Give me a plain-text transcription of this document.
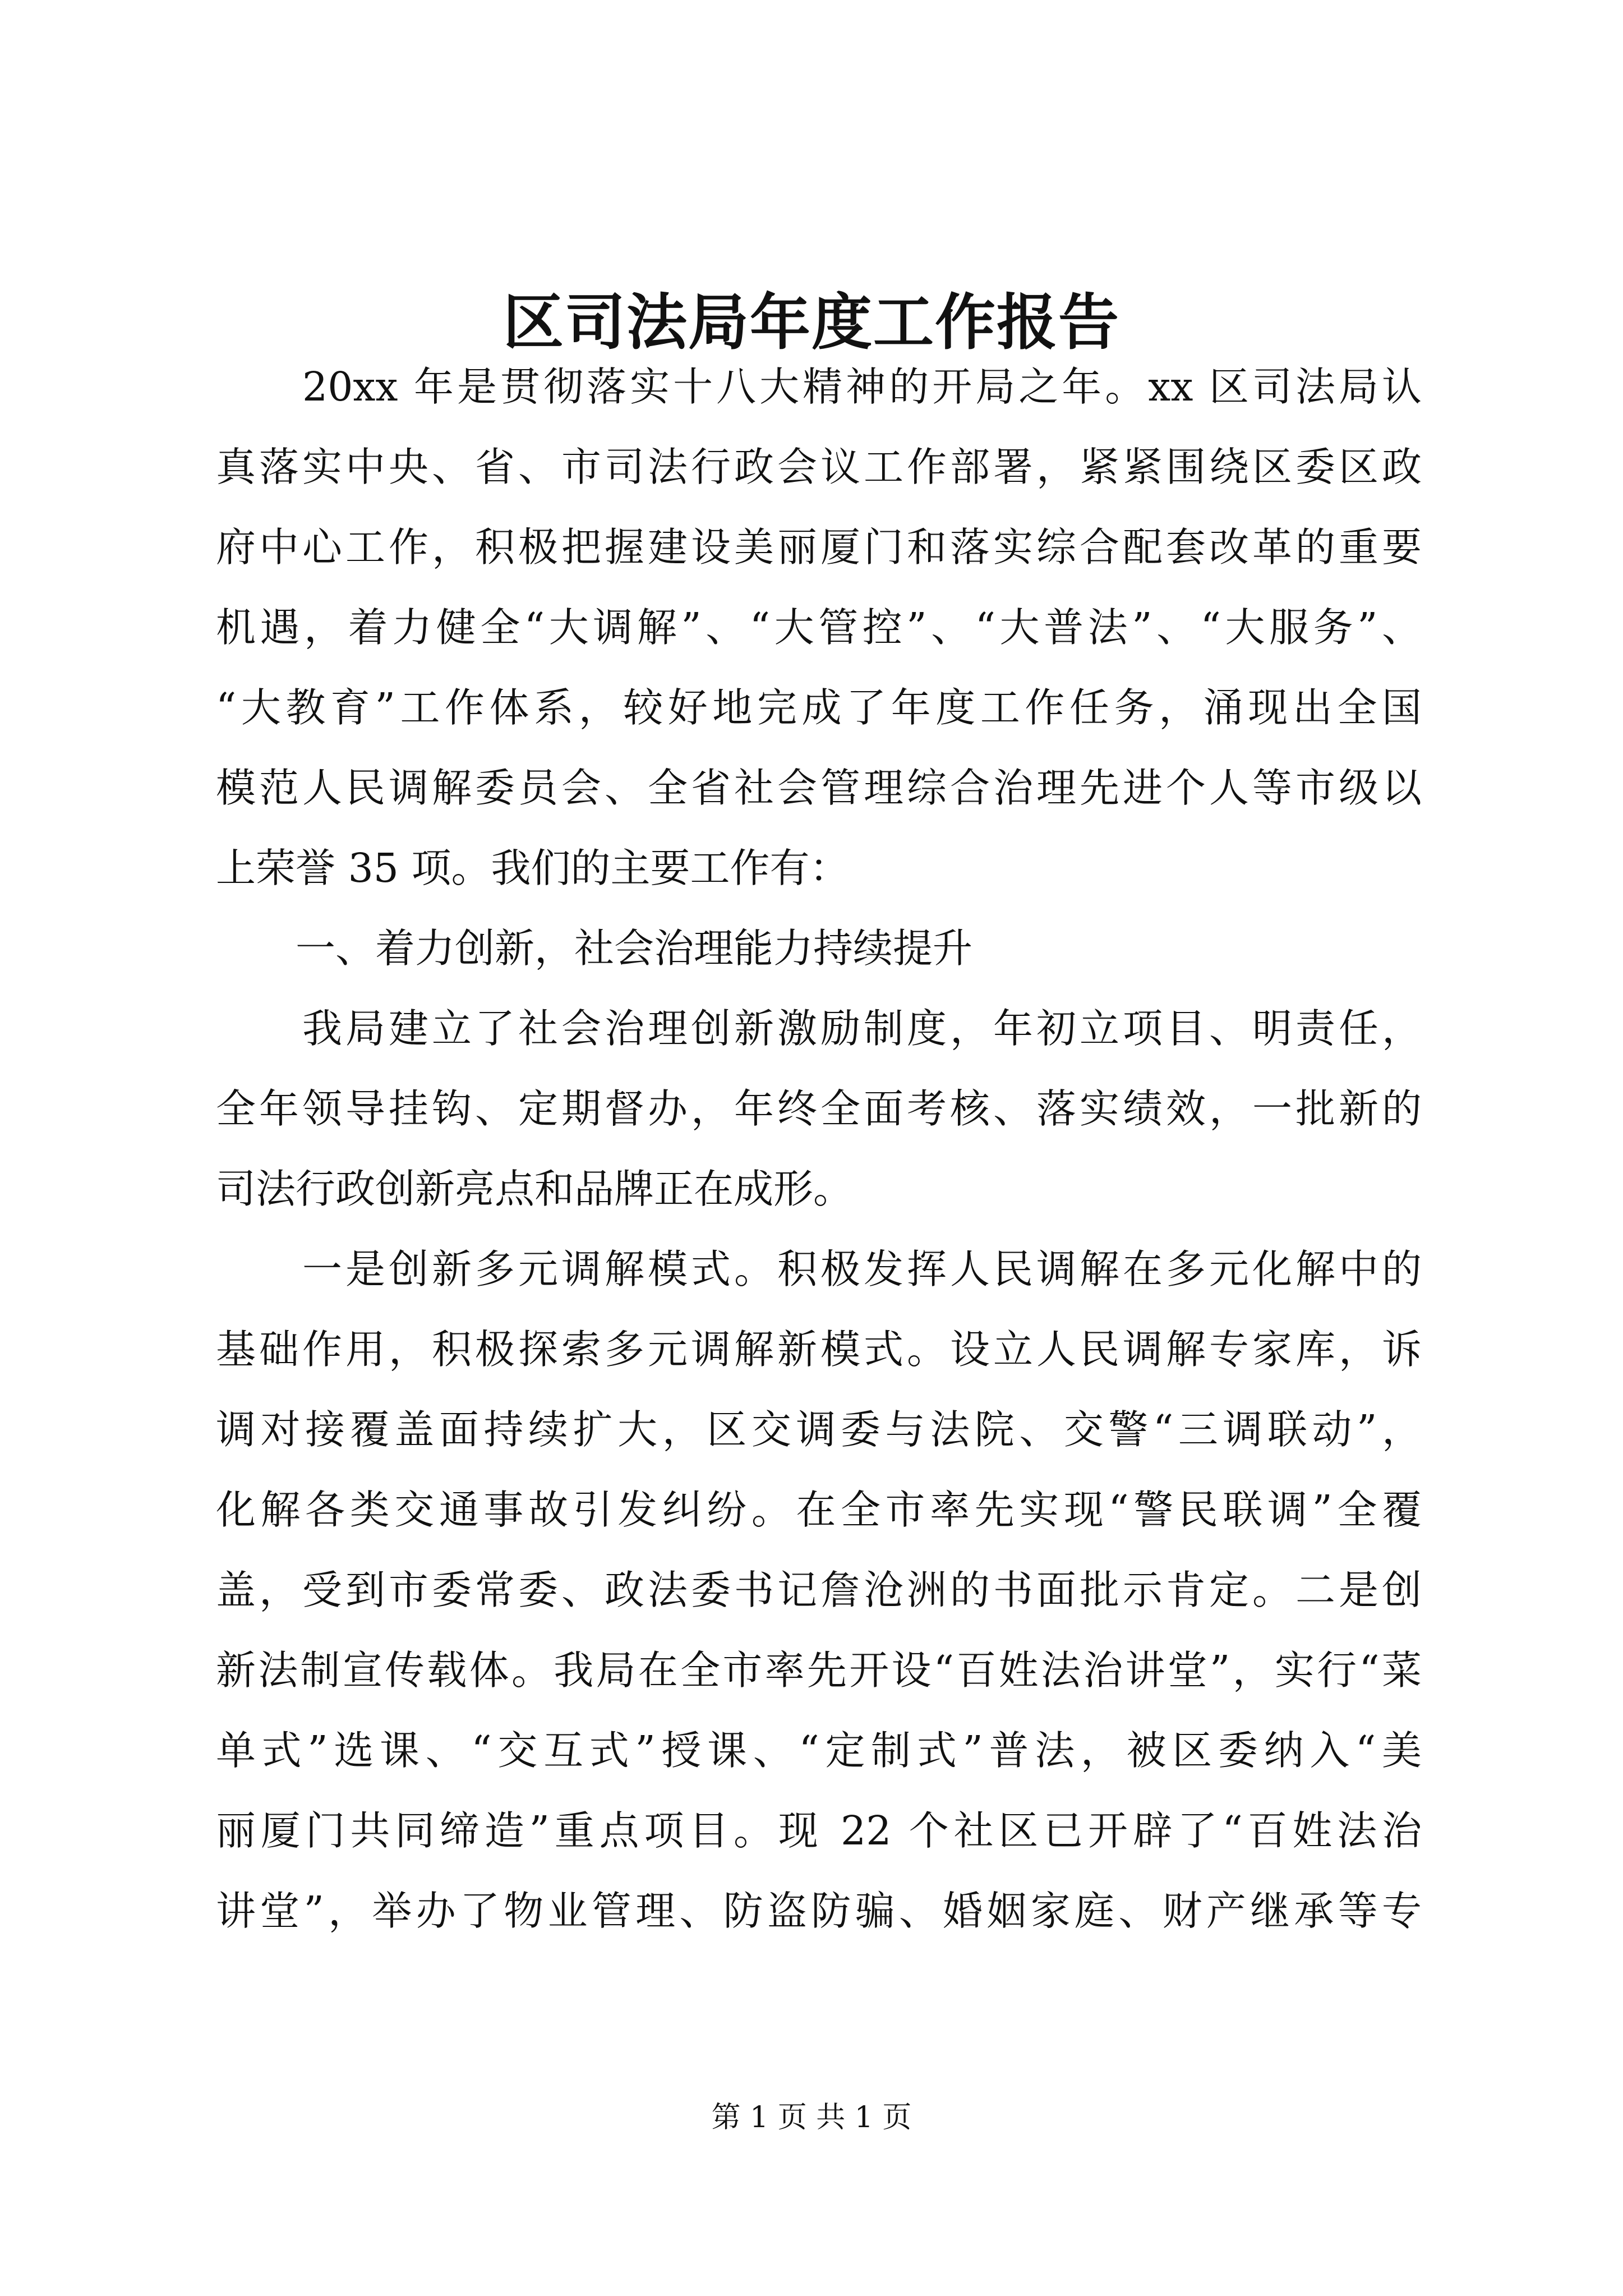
区司法局年度工作报告
　　20xx 年是贯彻落实十八大精神的开局之年。xx 区司法局认
真落实中央、省、市司法行政会议工作部署，紧紧围绕区委区政
府中心工作，积极把握建设美丽厦门和落实综合配套改革的重要
机遇，着力健全“大调解”、“大管控”、“大普法”、“大服务”、
“大教育”工作体系，较好地完成了年度工作任务，涌现出全国
模范人民调解委员会、全省社会管理综合治理先进个人等市级以
上荣誉 35 项。我们的主要工作有：
　　一、着力创新，社会治理能力持续提升
　　我局建立了社会治理创新激励制度，年初立项目、明责任，
全年领导挂钩、定期督办，年终全面考核、落实绩效，一批新的
司法行政创新亮点和品牌正在成形。
　　一是创新多元调解模式。积极发挥人民调解在多元化解中的
基础作用，积极探索多元调解新模式。设立人民调解专家库，诉
调对接覆盖面持续扩大，区交调委与法院、交警“三调联动”，
化解各类交通事故引发纠纷。在全市率先实现“警民联调”全覆
盖，受到市委常委、政法委书记詹沧洲的书面批示肯定。二是创
新法制宣传载体。我局在全市率先开设“百姓法治讲堂”，实行“菜
单式”选课、“交互式”授课、“定制式”普法，被区委纳入“美
丽厦门共同缔造”重点项目。现 22 个社区已开辟了“百姓法治
讲堂”，举办了物业管理、防盗防骗、婚姻家庭、财产继承等专
第 1 页 共 1 页
